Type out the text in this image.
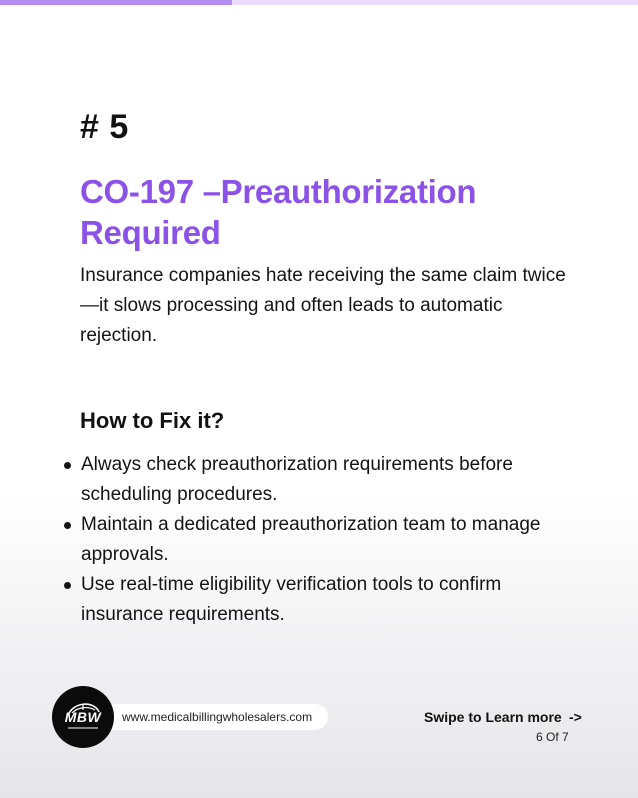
# 5
CO-197 –Preauthorization
Required
Insurance companies hate receiving the same claim twice
—it slows processing and often leads to automatic
rejection.
How to Fix it?
Always check preauthorization requirements before
scheduling procedures.
Maintain a dedicated preauthorization team to manage
approvals.
Use real-time eligibility verification tools to confirm
insurance requirements.
MBW	www.medicalbillingwholesalers.com	Swipe to Learn more ->
6 Of 7
